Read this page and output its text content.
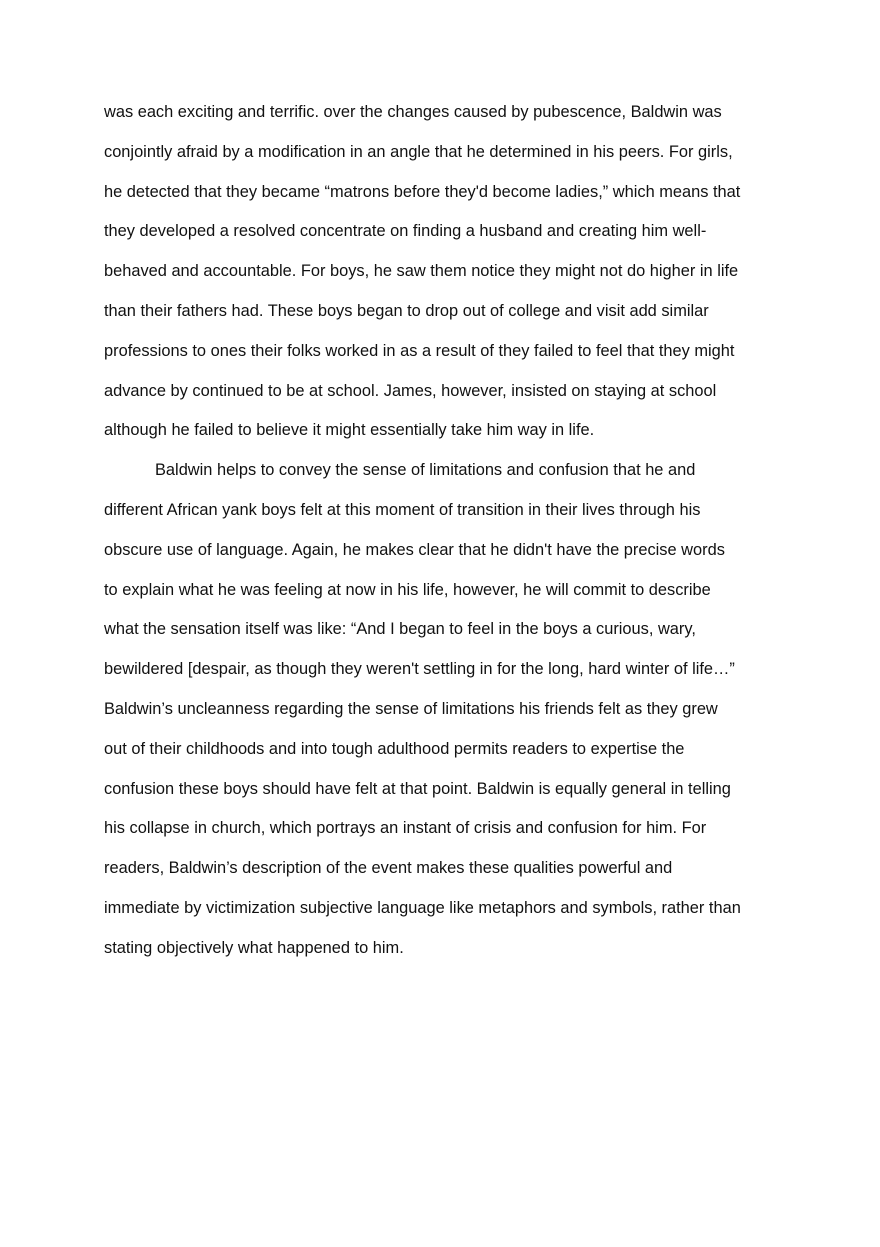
was each exciting and terrific. over the changes caused by pubescence, Baldwin was
conjointly afraid by a modification in an angle that he determined in his peers. For girls,
he detected that they became “matrons before they'd become ladies,” which means that
they developed a resolved concentrate on finding a husband and creating him well-
behaved and accountable. For boys, he saw them notice they might not do higher in life
than their fathers had. These boys began to drop out of college and visit add similar
professions to ones their folks worked in as a result of they failed to feel that they might
advance by continued to be at school. James, however, insisted on staying at school
although he failed to believe it might essentially take him way in life.
Baldwin helps to convey the sense of limitations and confusion that he and
different African yank boys felt at this moment of transition in their lives through his
obscure use of language. Again, he makes clear that he didn't have the precise words
to explain what he was feeling at now in his life, however, he will commit to describe
what the sensation itself was like: “And I began to feel in the boys a curious, wary,
bewildered [despair, as though they weren't settling in for the long, hard winter of life…”
Baldwin’s uncleanness regarding the sense of limitations his friends felt as they grew
out of their childhoods and into tough adulthood permits readers to expertise the
confusion these boys should have felt at that point. Baldwin is equally general in telling
his collapse in church, which portrays an instant of crisis and confusion for him. For
readers, Baldwin’s description of the event makes these qualities powerful and
immediate by victimization subjective language like metaphors and symbols, rather than
stating objectively what happened to him.
